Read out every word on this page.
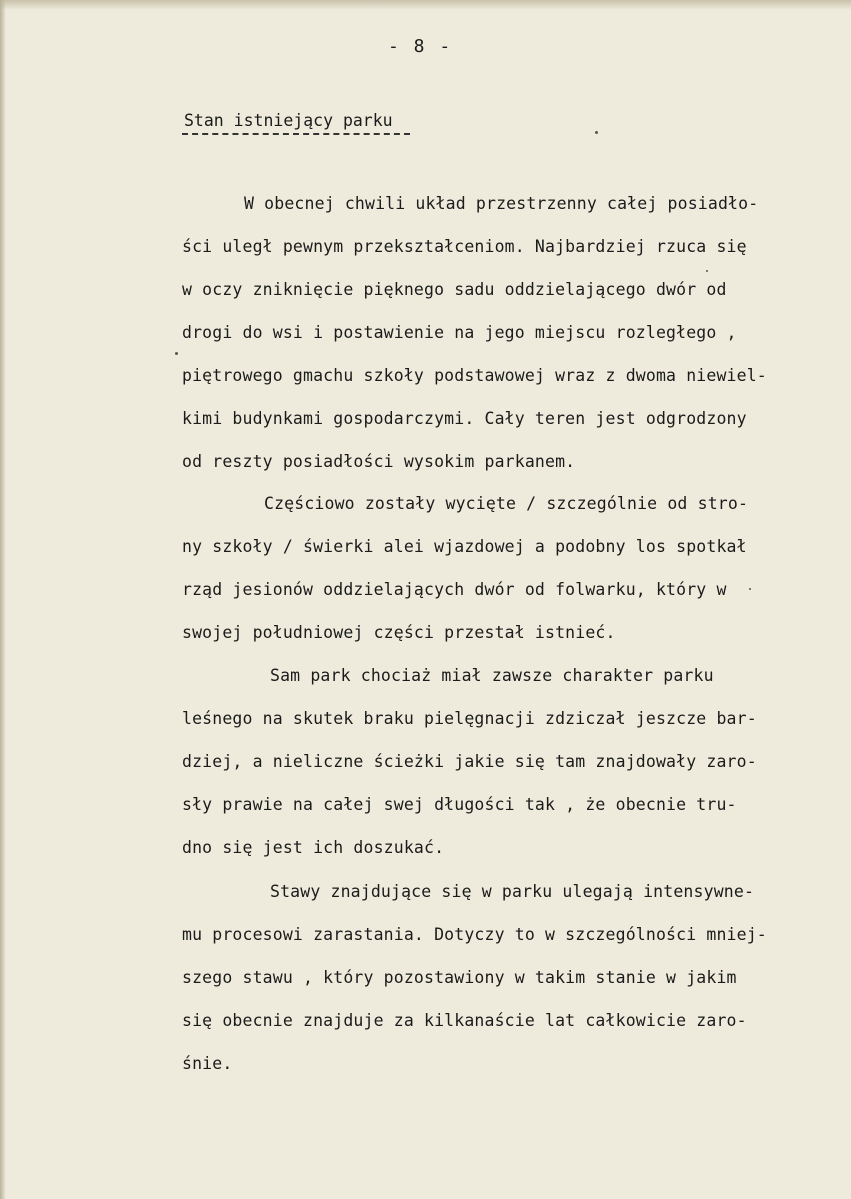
- 8 -
Stan istniejący parku
W obecnej chwili układ przestrzenny całej posiadło-
ści uległ pewnym przekształceniom. Najbardziej rzuca się
w oczy zniknięcie pięknego sadu oddzielającego dwór od
drogi do wsi i postawienie na jego miejscu rozległego ,
piętrowego gmachu szkoły podstawowej wraz z dwoma niewiel-
kimi budynkami gospodarczymi. Cały teren jest odgrodzony
od reszty posiadłości wysokim parkanem.
Częściowo zostały wycięte / szczególnie od stro-
ny szkoły / świerki alei wjazdowej a podobny los spotkał
rząd jesionów oddzielających dwór od folwarku, który w
swojej południowej części przestał istnieć.
Sam park chociaż miał zawsze charakter parku
leśnego na skutek braku pielęgnacji zdziczał jeszcze bar-
dziej, a nieliczne ścieżki jakie się tam znajdowały zaro-
sły prawie na całej swej długości tak , że obecnie tru-
dno się jest ich doszukać.
Stawy znajdujące się w parku ulegają intensywne-
mu procesowi zarastania. Dotyczy to w szczególności mniej-
szego stawu , który pozostawiony w takim stanie w jakim
się obecnie znajduje za kilkanaście lat całkowicie zaro-
śnie.
